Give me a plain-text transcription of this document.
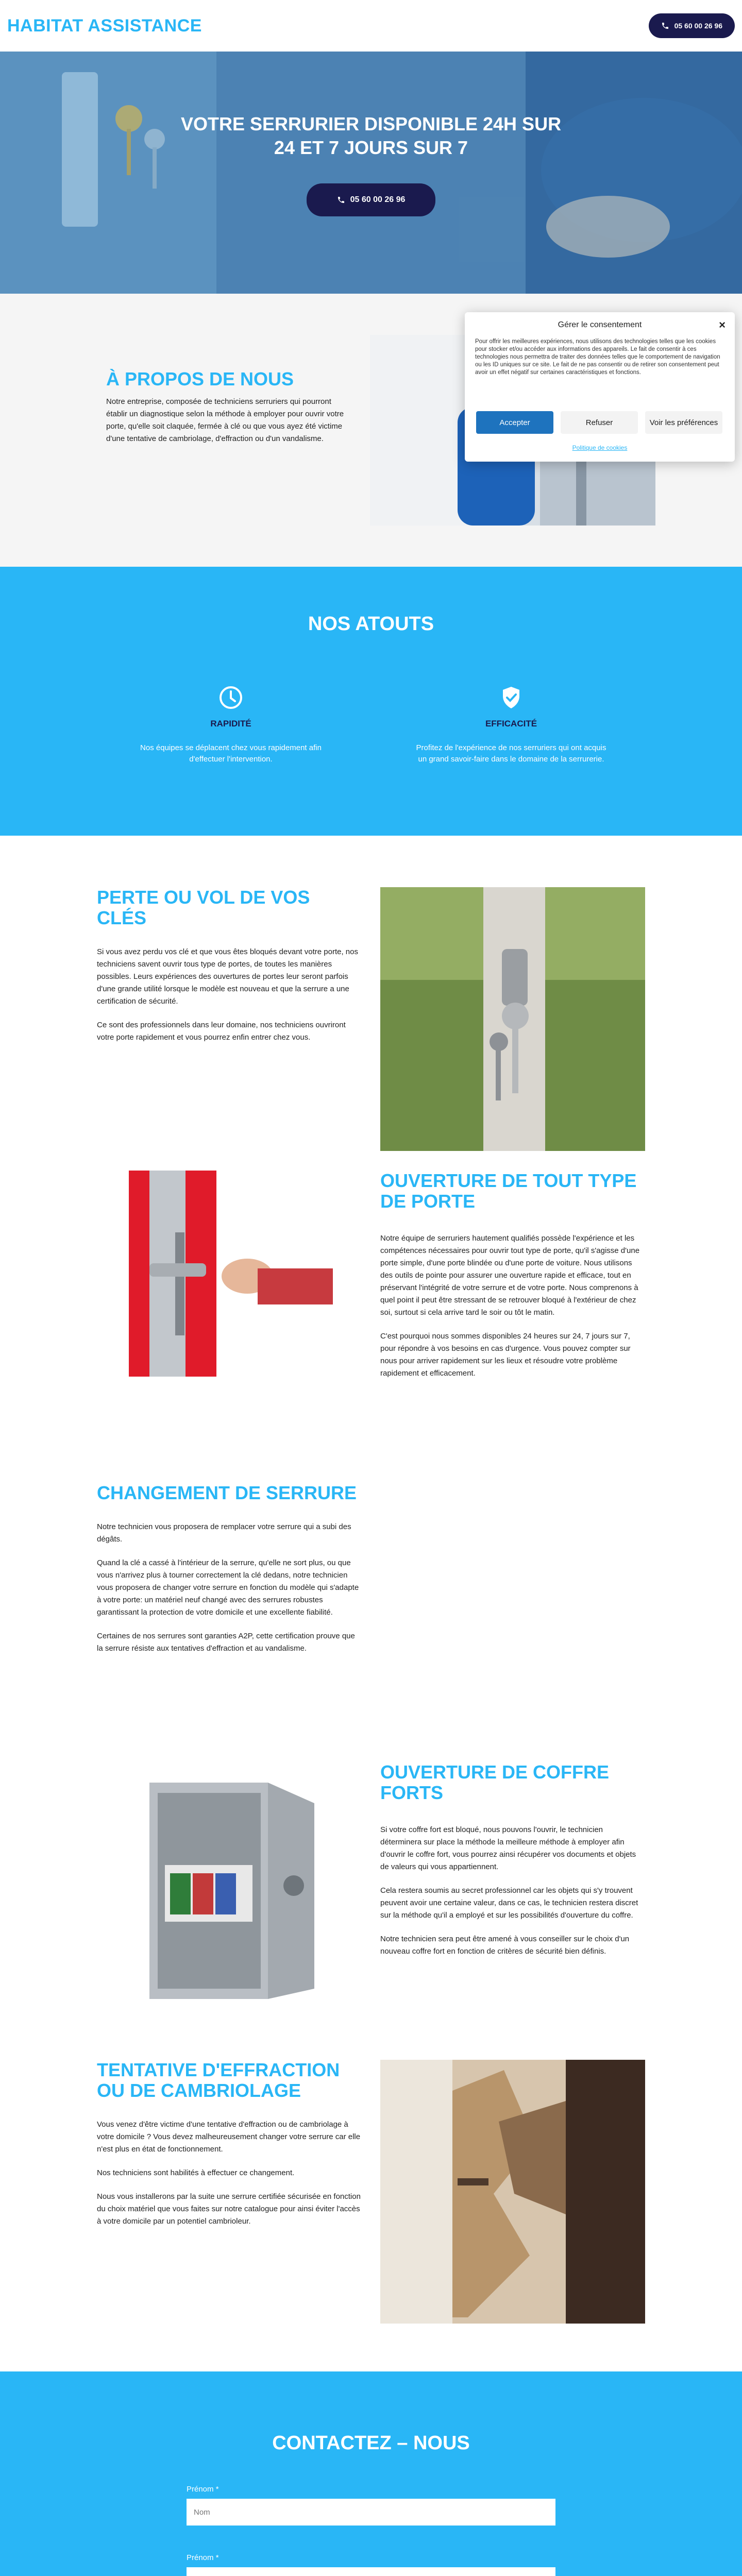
HABITAT ASSISTANCE	05 60 00 26 96
VOTRE SERRURIER DISPONIBLE 24H SUR
24 ET 7 JOURS SUR 7
05 60 00 26 96
À PROPOS DE NOUS
Notre entreprise, composée de techniciens serruriers qui pourront établir un diagnostique selon la méthode à employer pour ouvrir votre porte, qu'elle soit claquée, fermée à clé ou que vous ayez été victime d'une tentative de cambriolage, d'effraction ou d'un vandalisme.
NOS ATOUTS
RAPIDITÉ
Nos équipes se déplacent chez vous rapidement afin d'effectuer l'intervention.
EFFICACITÉ
Profitez de l'expérience de nos serruriers qui ont acquis un grand savoir-faire dans le domaine de la serrurerie.
PERTE OU VOL DE VOS CLÉS

Si vous avez perdu vos clé et que vous êtes bloqués devant votre porte, nos techniciens savent ouvrir tous type de portes, de toutes les manières possibles. Leurs expériences des ouvertures de portes leur seront parfois d'une grande utilité lorsque le modèle est nouveau et que la serrure a une certification de sécurité.

Ce sont des professionnels dans leur domaine, nos techniciens ouvriront votre porte rapidement et vous pourrez enfin entrer chez vous.

OUVERTURE DE TOUT TYPE DE PORTE

Notre équipe de serruriers hautement qualifiés possède l'expérience et les compétences nécessaires pour ouvrir tout type de porte, qu'il s'agisse d'une porte simple, d'une porte blindée ou d'une porte de voiture. Nous utilisons des outils de pointe pour assurer une ouverture rapide et efficace, tout en préservant l'intégrité de votre serrure et de votre porte. Nous comprenons à quel point il peut être stressant de se retrouver bloqué à l'extérieur de chez soi, surtout si cela arrive tard le soir ou tôt le matin.

C'est pourquoi nous sommes disponibles 24 heures sur 24, 7 jours sur 7, pour répondre à vos besoins en cas d'urgence. Vous pouvez compter sur nous pour arriver rapidement sur les lieux et résoudre votre problème rapidement et efficacement.

CHANGEMENT DE SERRURE

Notre technicien vous proposera de remplacer votre serrure qui a subi des dégâts.

Quand la clé a cassé à l'intérieur de la serrure, qu'elle ne sort plus, ou que vous n'arrivez plus à tourner correctement la clé dedans, notre technicien vous proposera de changer votre serrure en fonction du modèle qui s'adapte à votre porte: un matériel neuf changé avec des serrures robustes garantissant la protection de votre domicile et une excellente fiabilité.

Certaines de nos serrures sont garanties A2P, cette certification prouve que la serrure résiste aux tentatives d'effraction et au vandalisme.

OUVERTURE DE COFFRE FORTS

Si votre coffre fort est bloqué, nous pouvons l'ouvrir, le technicien déterminera sur place la méthode la meilleure méthode à employer afin d'ouvrir le coffre fort, vous pourrez ainsi récupérer vos documents et objets de valeurs qui vous appartiennent.

Cela restera soumis au secret professionnel car les objets qui s'y trouvent peuvent avoir une certaine valeur, dans ce cas, le technicien restera discret sur la méthode qu'il a employé et sur les possibilités d'ouverture du coffre.

Notre technicien sera peut être amené à vous conseiller sur le choix d'un nouveau coffre fort en fonction de critères de sécurité bien définis.

TENTATIVE D'EFFRACTION OU DE CAMBRIOLAGE

Vous venez d'être victime d'une tentative d'effraction ou de cambriolage à votre domicile ? Vous devez malheureusement changer votre serrure car elle n'est plus en état de fonctionnement.

Nos techniciens sont habilités à effectuer ce changement.

Nous vous installerons par la suite une serrure certifiée sécurisée en fonction du choix matériel que vous faites sur notre catalogue pour ainsi éviter l'accès à votre domicile par un potentiel cambrioleur.

CONTACTEZ – NOUS
Prénom *
Nom
Prénom *
Prénom

Gérer le consentement	×
Pour offrir les meilleures expériences, nous utilisons des technologies telles que les cookies pour stocker et/ou accéder aux informations des appareils. Le fait de consentir à ces technologies nous permettra de traiter des données telles que le comportement de navigation ou les ID uniques sur ce site. Le fait de ne pas consentir ou de retirer son consentement peut avoir un effet négatif sur certaines caractéristiques et fonctions.
Accepter	Refuser	Voir les préférences
Politique de cookies
